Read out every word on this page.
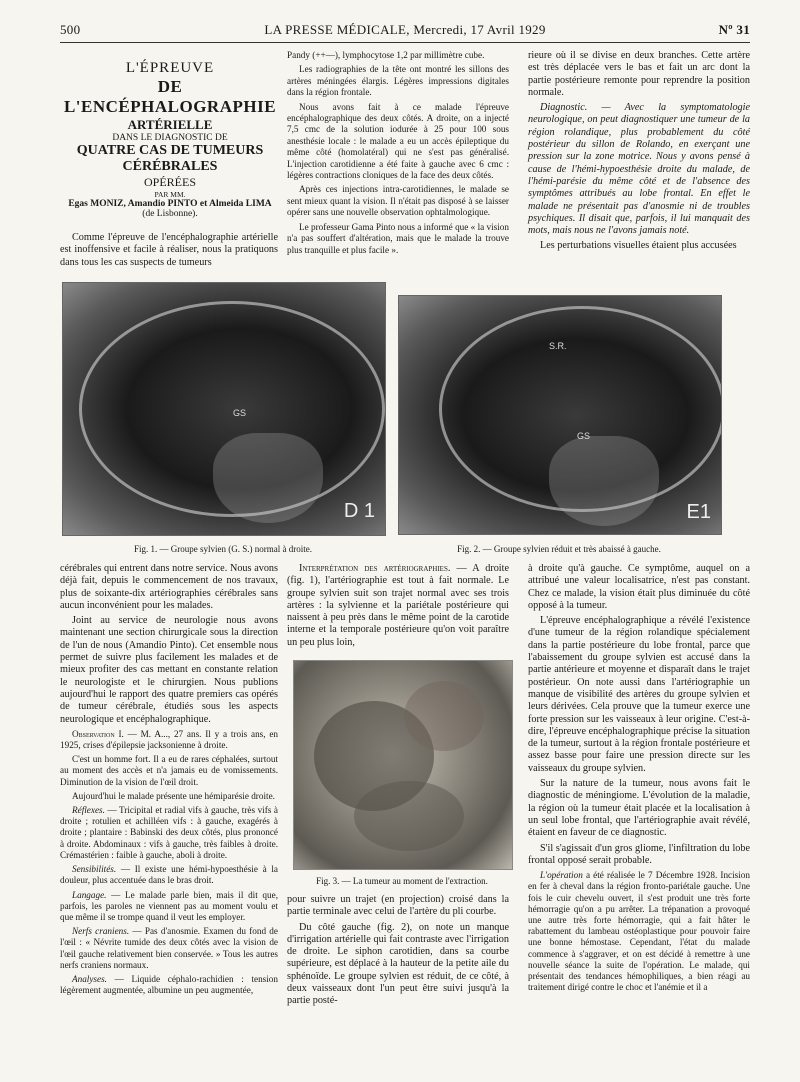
500	LA PRESSE MÉDICALE, Mercredi, 17 Avril 1929	Nº 31
L'ÉPREUVE
DE L'ENCÉPHALOGRAPHIE
ARTÉRIELLE
DANS LE DIAGNOSTIC DE
QUATRE CAS DE TUMEURS CÉRÉBRALES
OPÉRÉES
PAR MM.
Egas MONIZ, Amandio PINTO et Almeida LIMA
(de Lisbonne).

Comme l'épreuve de l'encéphalographie artérielle est inoffensive et facile à réaliser, nous la pratiquons dans tous les cas suspects de tumeurs

Pandy (++—), lymphocytose 1,2 par millimètre cube.

Les radiographies de la tête ont montré les sillons des artères méningées élargis. Légères impressions digitales dans la région frontale.

Nous avons fait à ce malade l'épreuve encéphalographique des deux côtés. A droite, on a injecté 7,5 cmc de la solution iodurée à 25 pour 100 sous anesthésie locale : le malade a eu un accès épileptique du même côté (homolatéral) qui ne s'est pas généralisé. L'injection carotidienne a été faite à gauche avec 6 cmc : légères contractions cloniques de la face des deux côtés.

Après ces injections intra-carotidiennes, le malade se sent mieux quant la vision. Il n'était pas disposé à se laisser opérer sans une nouvelle observation ophtalmologique.

Le professeur Gama Pinto nous a informé que « la vision n'a pas souffert d'altération, mais que le malade la trouve plus tranquille et plus facile ».

rieure où il se divise en deux branches. Cette artère est très déplacée vers le bas et fait un arc dont la partie postérieure remonte pour reprendre la position normale.

Diagnostic. — Avec la symptomatologie neurologique, on peut diagnostiquer une tumeur de la région rolandique, plus probablement du côté postérieur du sillon de Rolando, en exerçant une pression sur la zone motrice. Nous y avons pensé à cause de l'hémi-hypoesthésie droite du malade, de l'hémi-parésie du même côté et de l'absence des symptômes attribués au lobe frontal. En effet le malade ne présentait pas d'anosmie ni de troubles psychiques. Il disait que, parfois, il lui manquait des mots, mais nous ne l'avons jamais noté.

Les perturbations visuelles étaient plus accusées

GS
D 1
Fig. 1. — Groupe sylvien (G. S.) normal à droite.
S.R.
GS
E1
Fig. 2. — Groupe sylvien réduit et très abaissé à gauche.

cérébrales qui entrent dans notre service. Nous avons déjà fait, depuis le commencement de nos travaux, plus de soixante-dix artériographies cérébrales sans aucun inconvénient pour les malades.

Joint au service de neurologie nous avons maintenant une section chirurgicale sous la direction de l'un de nous (Amandio Pinto). Cet ensemble nous permet de suivre plus facilement les malades et de mieux profiter des cas mettant en constante relation le neurologiste et le chirurgien. Nous publions aujourd'hui le rapport des quatre premiers cas opérés de tumeur cérébrale, étudiés sous les aspects neurologique et encéphalographique.

Observation I. — M. A..., 27 ans. Il y a trois ans, en 1925, crises d'épilepsie jacksonienne à droite.

C'est un homme fort. Il a eu de rares céphalées, surtout au moment des accès et n'a jamais eu de vomissements. Diminution de la vision de l'œil droit.

Aujourd'hui le malade présente une hémiparésie droite.

Réflexes. — Tricipital et radial vifs à gauche, très vifs à droite ; rotulien et achilléen vifs : à gauche, exagérés à droite ; plantaire : Babinski des deux côtés, plus prononcé à droite. Abdominaux : vifs à gauche, très faibles à droite. Crémastérien : faible à gauche, aboli à droite.

Sensibilités. — Il existe une hémi-hypoesthésie à la douleur, plus accentuée dans le bras droit.

Langage. — Le malade parle bien, mais il dit que, parfois, les paroles ne viennent pas au moment voulu et que même il se trompe quand il veut les employer.

Nerfs craniens. — Pas d'anosmie. Examen du fond de l'œil : « Névrite tumide des deux côtés avec la vision de l'œil gauche relativement bien conservée. » Tous les autres nerfs craniens normaux.

Analyses. — Liquide céphalo-rachidien : tension légèrement augmentée, albumine un peu augmentée,

Interprétation des artériographies. — A droite (fig. 1), l'artériographie est tout à fait normale. Le groupe sylvien suit son trajet normal avec ses trois artères : la sylvienne et la pariétale postérieure qui naissent à peu près dans le même point de la carotide interne et la temporale postérieure qu'on voit paraître un peu plus loin,

Fig. 3. — La tumeur au moment de l'extraction.

pour suivre un trajet (en projection) croisé dans la partie terminale avec celui de l'artère du pli courbe.

Du côté gauche (fig. 2), on note un manque d'irrigation artérielle qui fait contraste avec l'irrigation de droite. Le siphon carotidien, dans sa courbe supérieure, est déplacé à la hauteur de la petite aile du sphénoïde. Le groupe sylvien est réduit, de ce côté, à deux vaisseaux dont l'un peut être suivi jusqu'à la partie posté-

à droite qu'à gauche. Ce symptôme, auquel on a attribué une valeur localisatrice, n'est pas constant. Chez ce malade, la vision était plus diminuée du côté opposé à la tumeur.

L'épreuve encéphalographique a révélé l'existence d'une tumeur de la région rolandique spécialement dans la partie postérieure du lobe frontal, parce que l'abaissement du groupe sylvien est accusé dans la partie antérieure et moyenne et disparaît dans le trajet postérieur. On note aussi dans l'artériographie un manque de visibilité des artères du groupe sylvien et leurs dérivées. Cela prouve que la tumeur exerce une forte pression sur les vaisseaux à leur origine. C'est-à-dire, l'épreuve encéphalographique précise la situation de la tumeur, surtout à la région frontale postérieure et assez basse pour faire une pression directe sur les vaisseaux du groupe sylvien.

Sur la nature de la tumeur, nous avons fait le diagnostic de méningiome. L'évolution de la maladie, la région où la tumeur était placée et la localisation à un seul lobe frontal, que l'artériographie avait révélé, étaient en faveur de ce diagnostic.

S'il s'agissait d'un gros gliome, l'infiltration du lobe frontal opposé serait probable.

L'opération a été réalisée le 7 Décembre 1928. Incision en fer à cheval dans la région fronto-pariétale gauche. Une fois le cuir chevelu ouvert, il s'est produit une très forte hémorragie qu'on a pu arrêter. La trépanation a provoqué une autre très forte hémorragie, qui a fait hâter le rabattement du lambeau ostéoplastique pour pouvoir faire une bonne hémostase. Cependant, l'état du malade commence à s'aggraver, et on est décidé à remettre à une nouvelle séance la suite de l'opération. Le malade, qui présentait des tendances hémophiliques, a bien réagi au traitement dirigé contre le choc et l'anémie et il a
